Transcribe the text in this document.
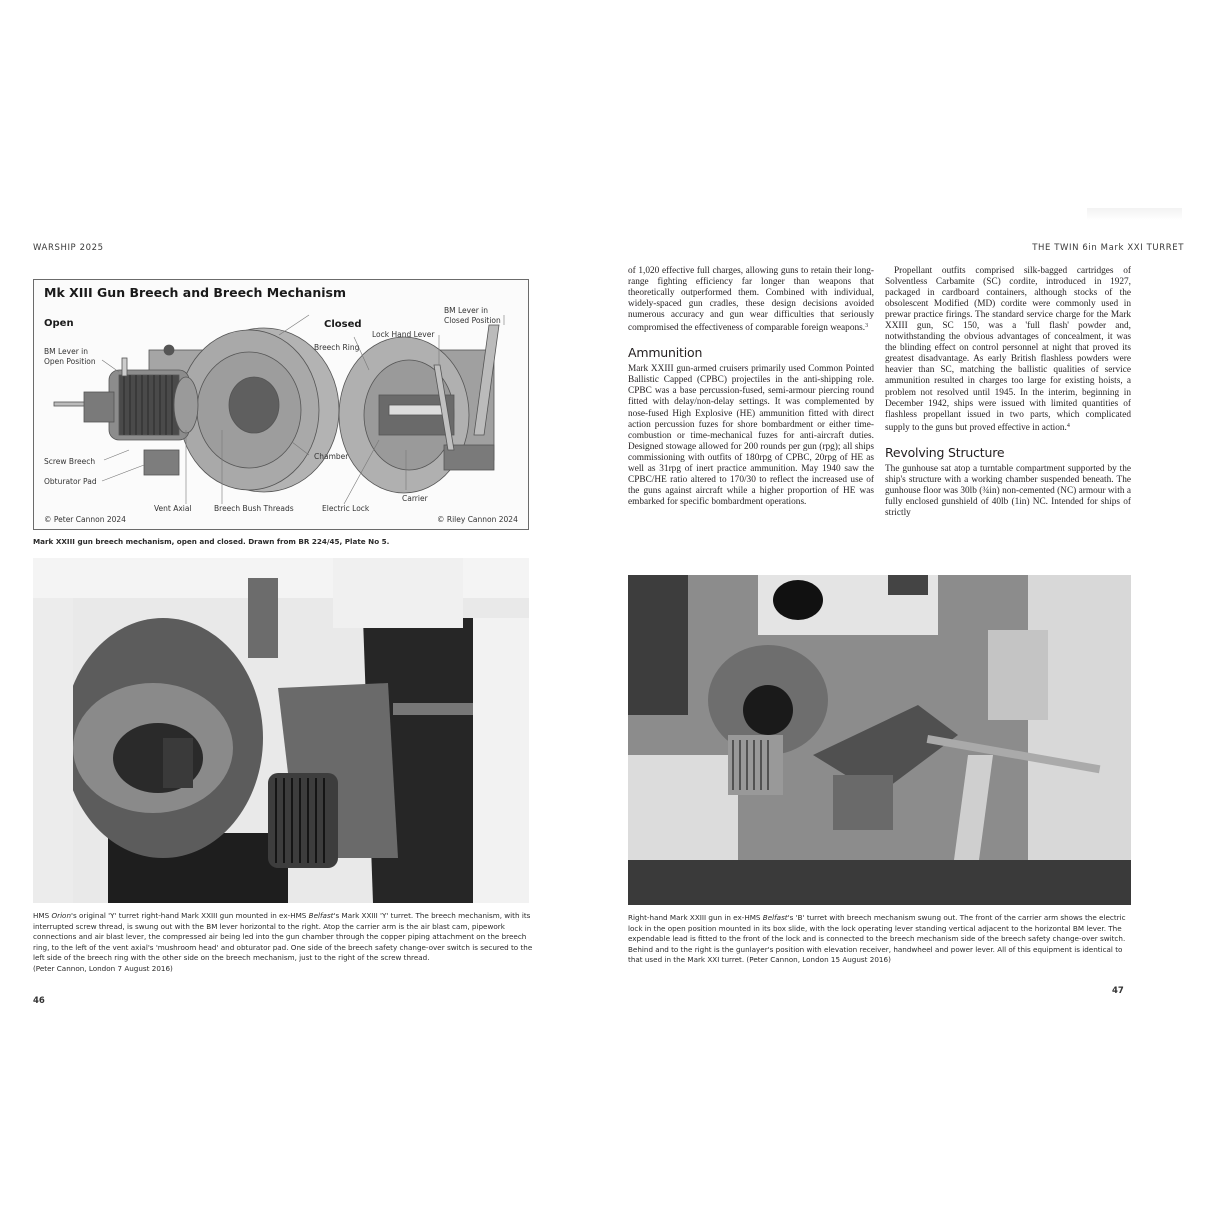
WARSHIP 2025
Mk XIII Gun Breech and Breech Mechanism
Open	Closed
BM Lever in
Open Position
Screw Breech
Obturator Pad
Vent Axial	Breech Bush Threads
Chamber
Breech Ring
Lock Hand Lever
BM Lever in
Closed Position
Electric Lock
Carrier
© Peter Cannon 2024	© Riley Cannon 2024
Mark XXIII gun breech mechanism, open and closed. Drawn from BR 224/45, Plate No 5.
HMS Orion's original 'Y' turret right-hand Mark XXIII gun mounted in ex-HMS Belfast's Mark XXIII 'Y' turret. The breech mechanism, with its interrupted screw thread, is swung out with the BM lever horizontal to the right. Atop the carrier arm is the air blast cam, pipework connections and air blast lever, the compressed air being led into the gun chamber through the copper piping attachment on the breech ring, to the left of the vent axial's 'mushroom head' and obturator pad. One side of the breech safety change-over switch is secured to the left side of the breech ring with the other side on the breech mechanism, just to the right of the screw thread.
(Peter Cannon, London 7 August 2016)
46
THE TWIN 6in Mark XXI TURRET

of 1,020 effective full charges, allowing guns to retain their long-range fighting efficiency far longer than weapons that theoretically outperformed them. Combined with individual, widely-spaced gun cradles, these design decisions avoided numerous accuracy and gun wear difficulties that seriously compromised the effectiveness of comparable foreign weapons.$^3$

Ammunition

Mark XXIII gun-armed cruisers primarily used Common Pointed Ballistic Capped (CPBC) projectiles in the anti-shipping role. CPBC was a base percussion-fused, semi-armour piercing round fitted with delay/non-delay settings. It was complemented by nose-fused High Explosive (HE) ammunition fitted with direct action percussion fuzes for shore bombardment or either time-combustion or time-mechanical fuzes for anti-aircraft duties. Designed stowage allowed for 200 rounds per gun (rpg); all ships commissioning with outfits of 180rpg of CPBC, 20rpg of HE as well as 31rpg of inert practice ammunition. May 1940 saw the CPBC/HE ratio altered to 170/30 to reflect the increased use of the guns against aircraft while a higher proportion of HE was embarked for specific bombardment operations.

Propellant outfits comprised silk-bagged cartridges of Solventless Carbamite (SC) cordite, introduced in 1927, packaged in cardboard containers, although stocks of the obsolescent Modified (MD) cordite were commonly used in prewar practice firings. The standard service charge for the Mark XXIII gun, SC 150, was a 'full flash' powder and, notwithstanding the obvious advantages of concealment, it was the blinding effect on control personnel at night that proved its greatest disadvantage. As early British flashless powders were heavier than SC, matching the ballistic qualities of service ammunition resulted in charges too large for existing hoists, a problem not resolved until 1945. In the interim, beginning in December 1942, ships were issued with limited quantities of flashless propellant issued in two parts, which complicated supply to the guns but proved effective in action.$^4$

Revolving Structure

The gunhouse sat atop a turntable compartment supported by the ship's structure with a working chamber suspended beneath. The gunhouse floor was 30lb (¾in) non-cemented (NC) armour with a fully enclosed gunshield of 40lb (1in) NC. Intended for ships of strictly

Right-hand Mark XXIII gun in ex-HMS Belfast's 'B' turret with breech mechanism swung out. The front of the carrier arm shows the electric lock in the open position mounted in its box slide, with the lock operating lever standing vertical adjacent to the horizontal BM lever. The expendable lead is fitted to the front of the lock and is connected to the breech mechanism side of the breech safety change-over switch. Behind and to the right is the gunlayer's position with elevation receiver, handwheel and power lever. All of this equipment is identical to that used in the Mark XXI turret. (Peter Cannon, London 15 August 2016)
47
